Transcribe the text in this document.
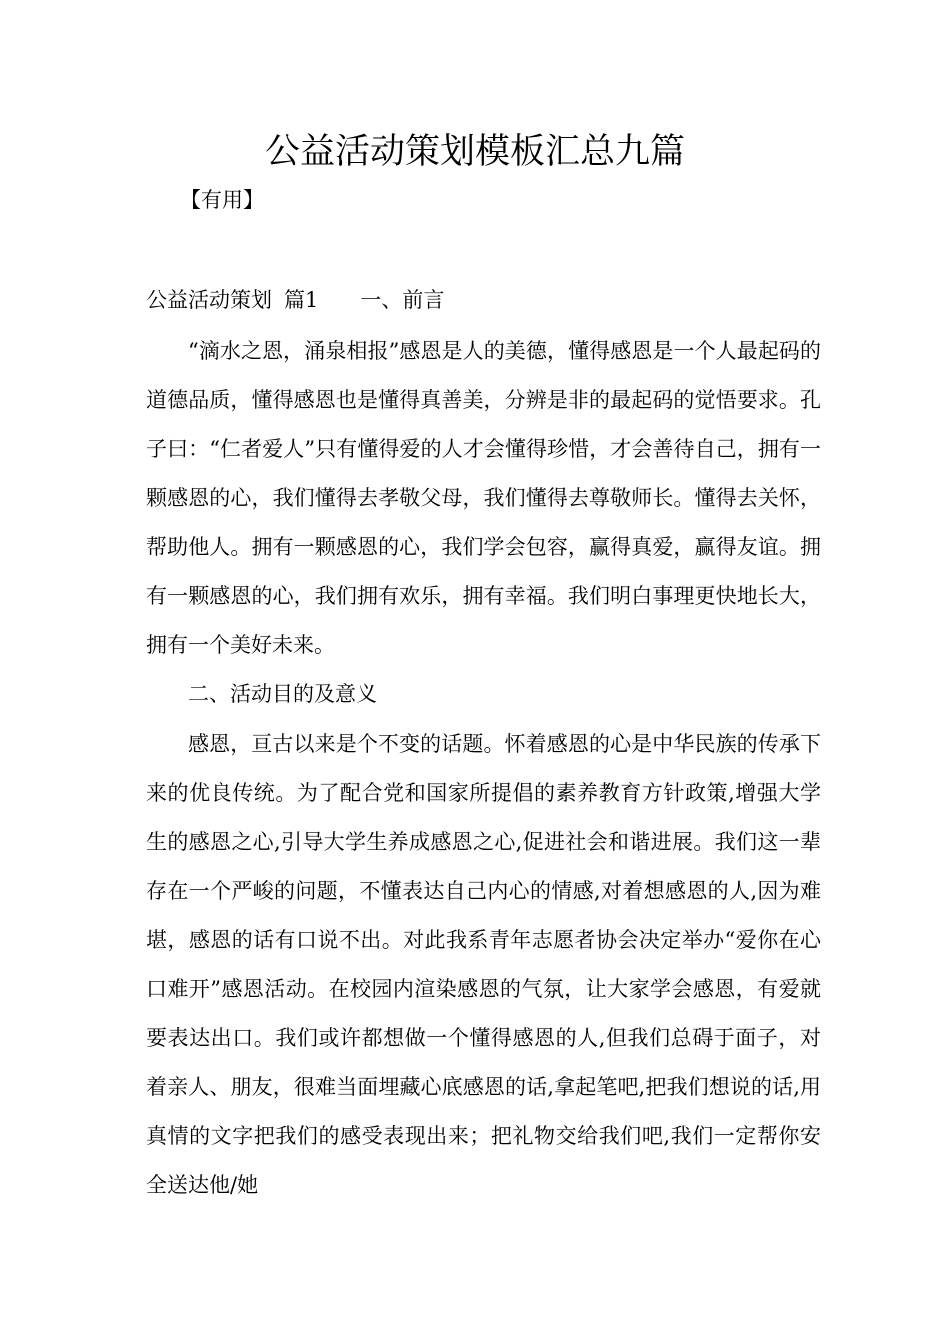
公益活动策划模板汇总九篇

【有用】

公益活动策划 篇1 一、前言

“滴水之恩，涌泉相报”感恩是人的美德，懂得感恩是一个人最起码的道德品质，懂得感恩也是懂得真善美，分辨是非的最起码的觉悟要求。孔子曰：“仁者爱人”只有懂得爱的人才会懂得珍惜，才会善待自己，拥有一颗感恩的心，我们懂得去孝敬父母，我们懂得去尊敬师长。懂得去关怀，帮助他人。拥有一颗感恩的心，我们学会包容，赢得真爱，赢得友谊。拥有一颗感恩的心，我们拥有欢乐，拥有幸福。我们明白事理更快地长大，拥有一个美好未来。

二、活动目的及意义

感恩，亘古以来是个不变的话题。怀着感恩的心是中华民族的传承下来的优良传统。为了配合党和国家所提倡的素养教育方针政策,增强大学生的感恩之心,引导大学生养成感恩之心,促进社会和谐进展。我们这一辈存在一个严峻的问题，不懂表达自己内心的情感,对着想感恩的人,因为难堪，感恩的话有口说不出。对此我系青年志愿者协会决定举办“爱你在心口难开”感恩活动。在校园内渲染感恩的气氛，让大家学会感恩，有爱就要表达出口。我们或许都想做一个懂得感恩的人,但我们总碍于面子，对着亲人、朋友，很难当面埋藏心底感恩的话,拿起笔吧,把我们想说的话,用真情的文字把我们的感受表现出来；把礼物交给我们吧,我们一定帮你安全送达他/她
